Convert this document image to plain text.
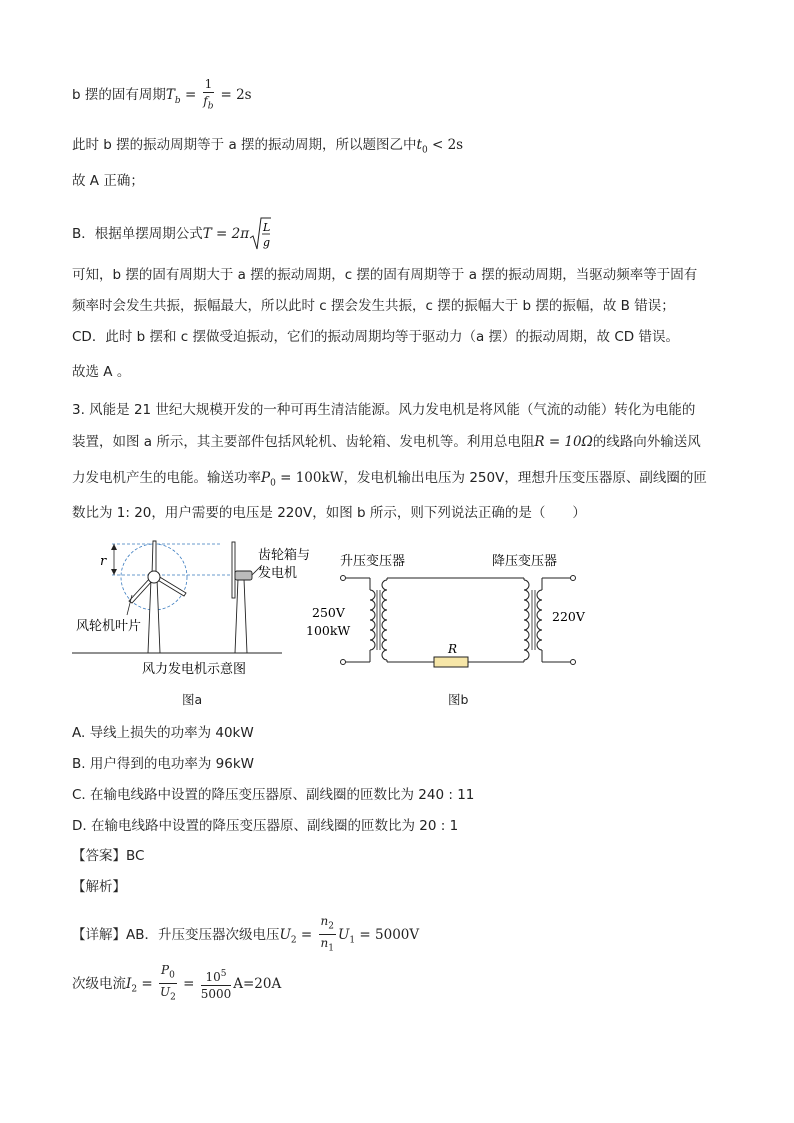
b 摆的固有周期$T_b = \frac{1}{f_b} = 2s$
此时 b 摆的振动周期等于 a 摆的振动周期，所以题图乙中$t_0 < 2s$
故 A 正确；
B．根据单摆周期公式T = 2π L
g
可知，b 摆的固有周期大于 a 摆的振动周期，c 摆的固有周期等于 a 摆的振动周期，当驱动频率等于固有
频率时会发生共振，振幅最大，所以此时 c 摆会发生共振，c 摆的振幅大于 b 摆的振幅，故 B 错误；
CD．此时 b 摆和 c 摆做受迫振动，它们的振动周期均等于驱动力（a 摆）的振动周期，故 CD 错误。
故选 A 。
3. 风能是 21 世纪大规模开发的一种可再生清洁能源。风力发电机是将风能（气流的动能）转化为电能的
装置，如图 a 所示，其主要部件包括风轮机、齿轮箱、发电机等。利用总电阻R = 10Ω的线路向外输送风
力发电机产生的电能。输送功率$P_0 = 100kW$，发电机输出电压为 250V，理想升压变压器原、副线圈的匝
数比为 1: 20，用户需要的电压是 220V，如图 b 所示，则下列说法正确的是（　　）
r	齿轮箱与
发电机
风轮机叶片
风力发电机示意图
图a
升压变压器	降压变压器
R
250V
100kW
220V
图b
A. 导线上损失的功率为 40kW
B. 用户得到的电功率为 96kW
C. 在输电线路中设置的降压变压器原、副线圈的匝数比为 240 : 11
D. 在输电线路中设置的降压变压器原、副线圈的匝数比为 20 : 1
【答案】BC
【解析】
【详解】AB．升压变压器次级电压$U_2 = \frac{n_2}{n_1} U_1 = 5000V$
次级电流$I_2 = \frac{P_0}{U_2} = \frac{10^5}{5000} A=20A$
